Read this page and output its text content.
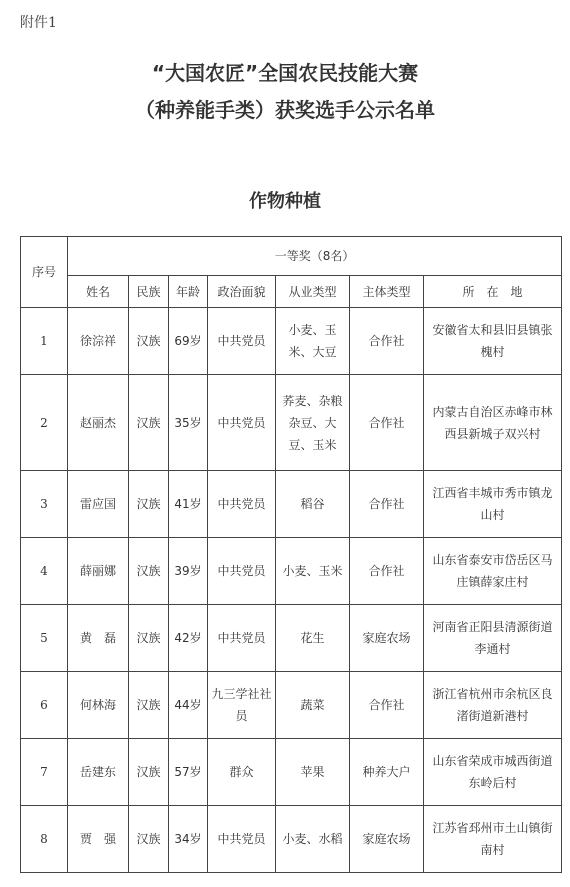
附件1
“大国农匠”全国农民技能大赛
（种养能手类）获奖选手公示名单
作物种植
序号	一等奖（8名）						
	姓名	民族	年龄	政治面貌	从业类型	主体类型	所　在　地
1	徐淙祥	汉族	69岁	中共党员	小麦、玉米、大豆	合作社	安徽省太和县旧县镇张槐村
2	赵丽杰	汉族	35岁	中共党员	荞麦、杂粮杂豆、大豆、玉米	合作社	内蒙古自治区赤峰市林西县新城子双兴村
3	雷应国	汉族	41岁	中共党员	稻谷	合作社	江西省丰城市秀市镇龙山村
4	薛丽娜	汉族	39岁	中共党员	小麦、玉米	合作社	山东省泰安市岱岳区马庄镇薛家庄村
5	黄　磊	汉族	42岁	中共党员	花生	家庭农场	河南省正阳县清源街道李通村
6	何林海	汉族	44岁	九三学社社员	蔬菜	合作社	浙江省杭州市余杭区良渚街道新港村
7	岳建东	汉族	57岁	群众	苹果	种养大户	山东省荣成市城西街道东岭后村
8	贾　强	汉族	34岁	中共党员	小麦、水稻	家庭农场	江苏省邳州市土山镇街南村
